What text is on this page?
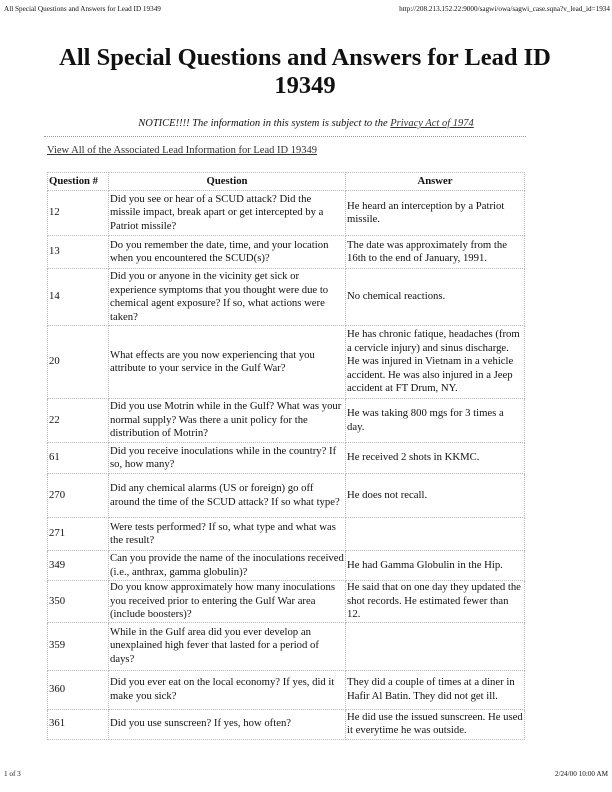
All Special Questions and Answers for Lead ID 19349	http://208.213.152.22:9000/sagwi/owa/sagwi_case.sqna?v_lead_id=1934
All Special Questions and Answers for Lead ID 19349
NOTICE!!!! The information in this system is subject to the Privacy Act of 1974
View All of the Associated Lead Information for Lead ID 19349
Question #	Question	Answer
12	Did you see or hear of a SCUD attack? Did the missile impact, break apart or get intercepted by a Patriot missile?	He heard an interception by a Patriot missile.
13	Do you remember the date, time, and your location when you encountered the SCUD(s)?	The date was approximately from the 16th to the end of January, 1991.
14	Did you or anyone in the vicinity get sick or experience symptoms that you thought were due to chemical agent exposure? If so, what actions were taken?	No chemical reactions.
20	What effects are you now experiencing that you attribute to your service in the Gulf War?	He has chronic fatique, headaches (from a cervicle injury) and sinus discharge. He was injured in Vietnam in a vehicle accident. He was also injured in a Jeep accident at FT Drum, NY.
22	Did you use Motrin while in the Gulf? What was your normal supply? Was there a unit policy for the distribution of Motrin?	He was taking 800 mgs for 3 times a day.
61	Did you receive inoculations while in the country? If so, how many?	He received 2 shots in KKMC.
270	Did any chemical alarms (US or foreign) go off around the time of the SCUD attack? If so what type?	He does not recall.
271	Were tests performed? If so, what type and what was the result?	
349	Can you provide the name of the inoculations received (i.e., anthrax, gamma globulin)?	He had Gamma Globulin in the Hip.
350	Do you know approximately how many inoculations you received prior to entering the Gulf War area (include boosters)?	He said that on one day they updated the shot records. He estimated fewer than 12.
359	While in the Gulf area did you ever develop an unexplained high fever that lasted for a period of days?	
360	Did you ever eat on the local economy? If yes, did it make you sick?	They did a couple of times at a diner in Hafir Al Batin. They did not get ill.
361	Did you use sunscreen? If yes, how often?	He did use the issued sunscreen. He used it everytime he was outside.
1 of 3	2/24/00 10:00 AM
